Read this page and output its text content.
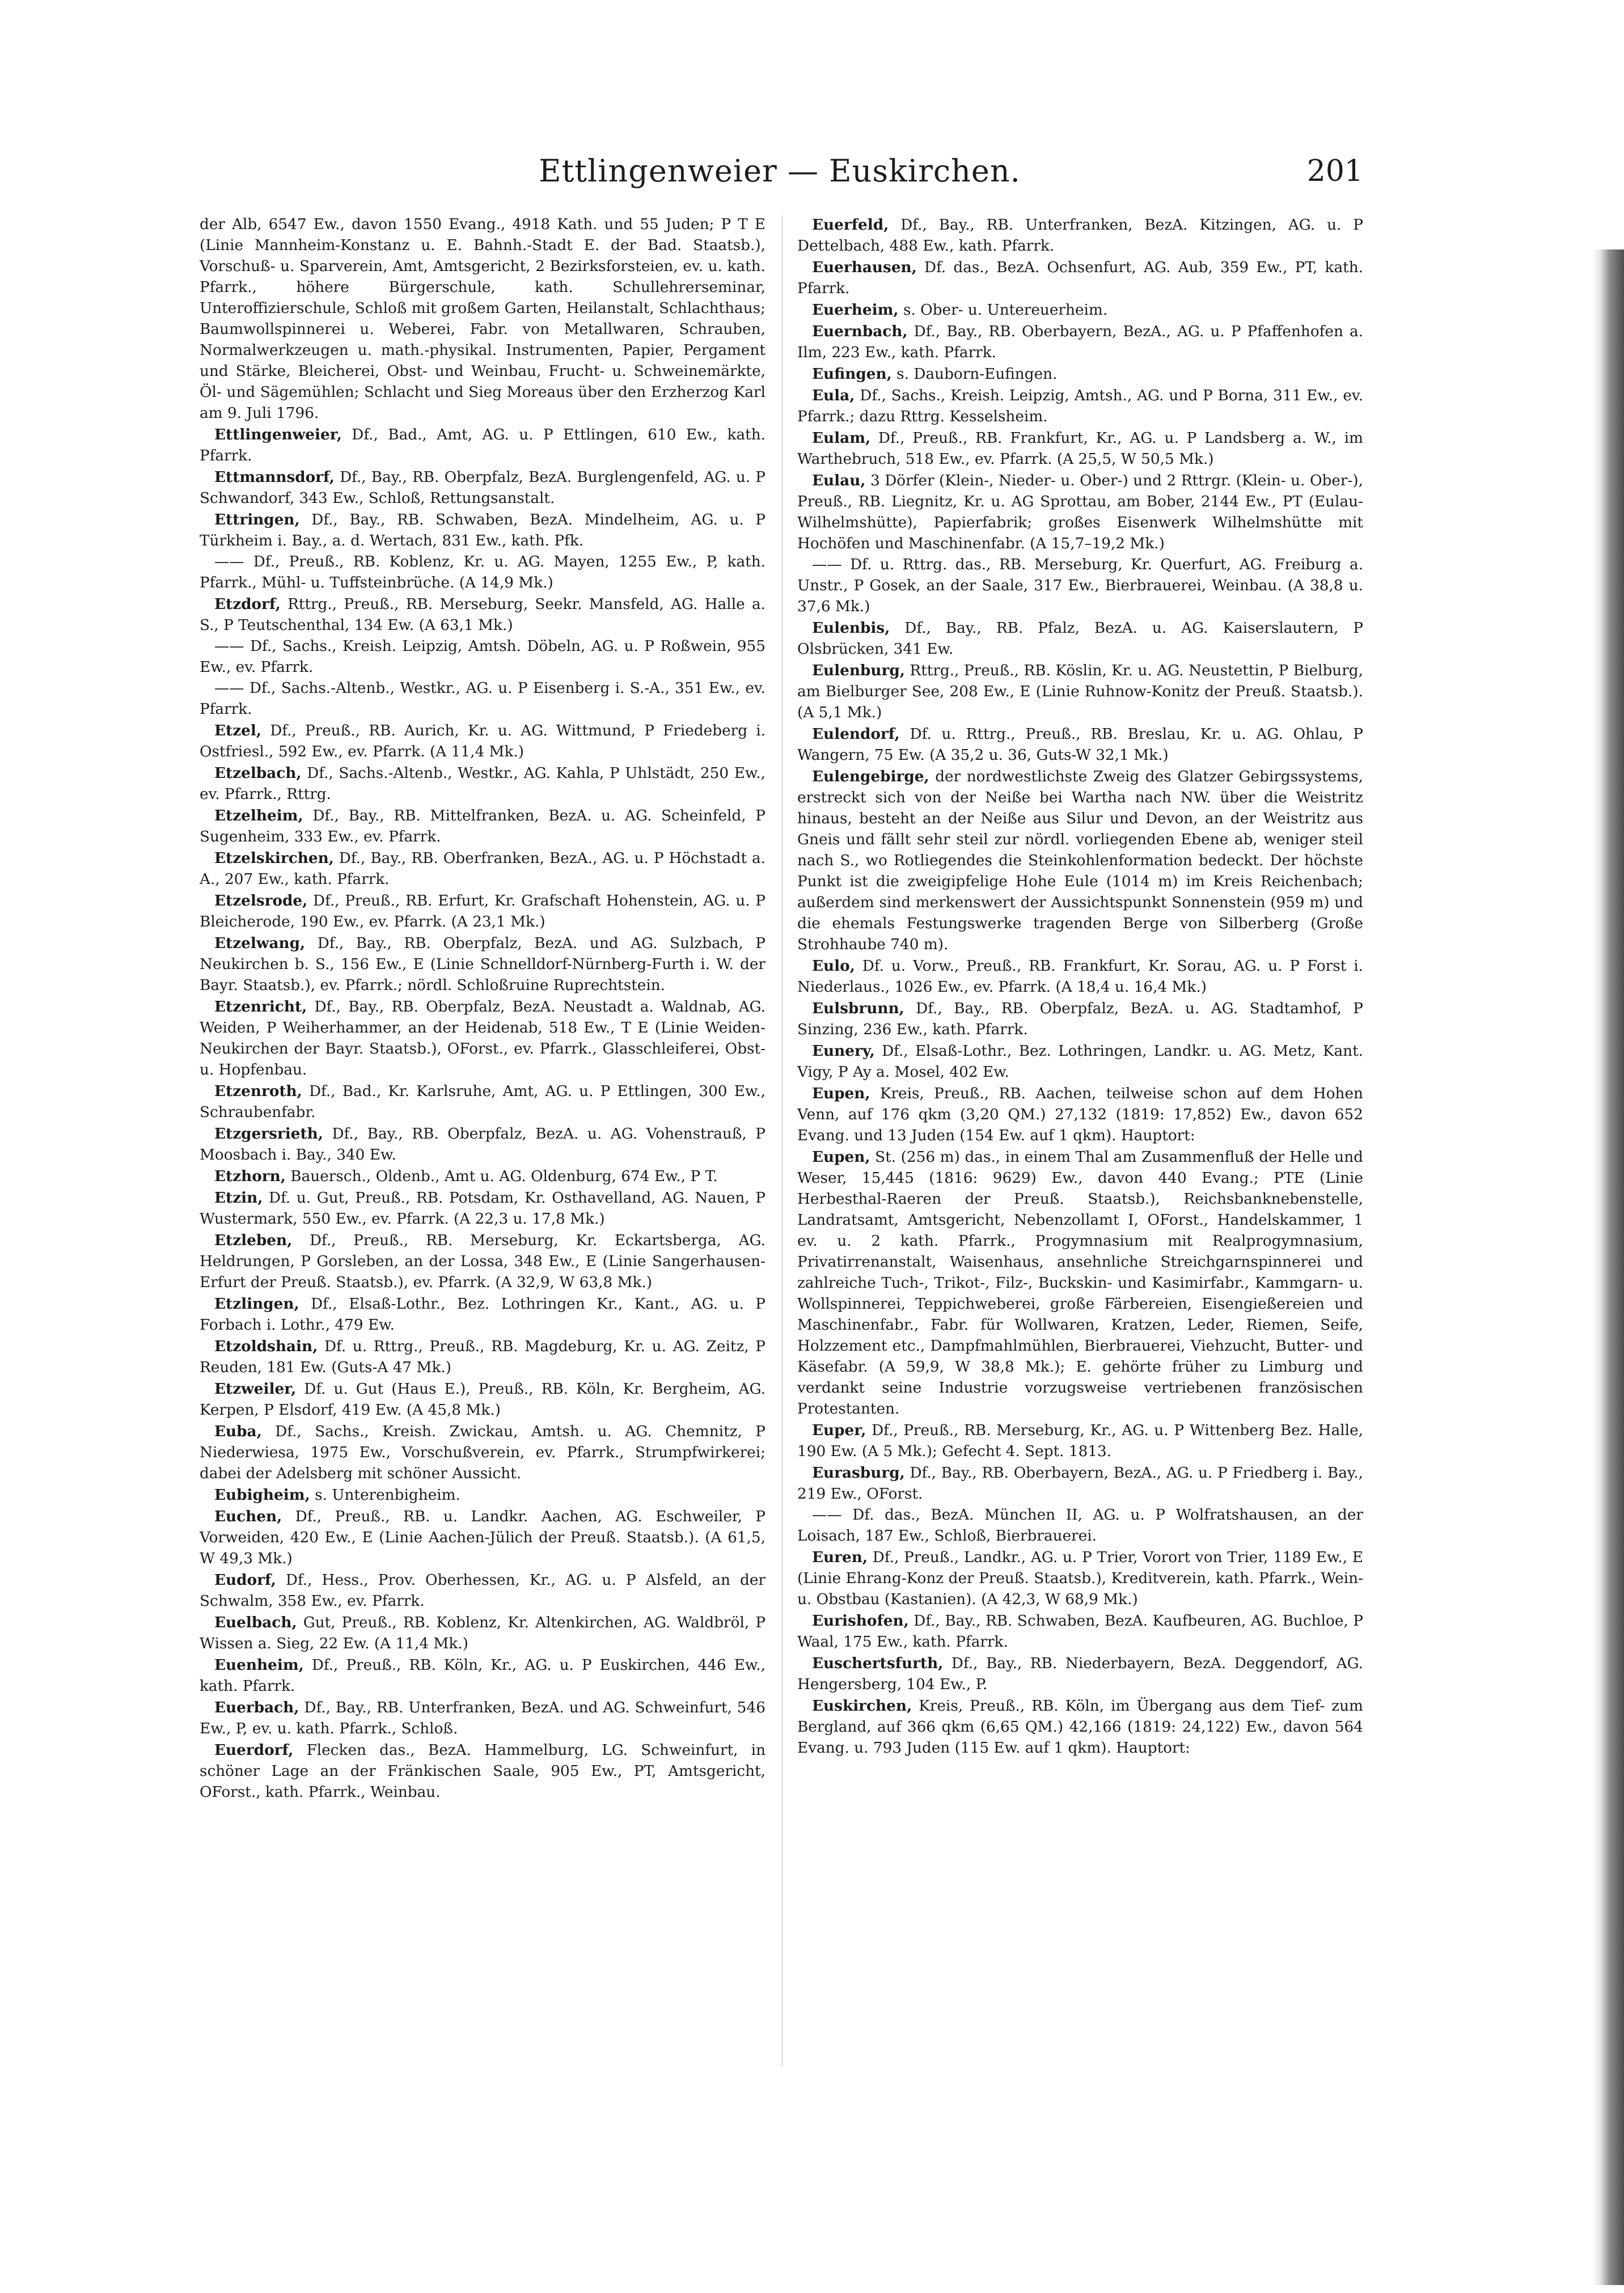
Ettlingenweier — Euskirchen.	201

der Alb, 6547 Ew., davon 1550 Evang., 4918 Kath. und 55 Juden; P T E (Linie Mannheim-Konstanz u. E. Bahnh.-Stadt E. der Bad. Staatsb.), Vorschuß- u. Sparverein, Amt, Amtsgericht, 2 Bezirksforsteien, ev. u. kath. Pfarrk., höhere Bürgerschule, kath. Schullehrerseminar, Unteroffizierschule, Schloß mit großem Garten, Heilanstalt, Schlachthaus; Baumwollspinnerei u. Weberei, Fabr. von Metallwaren, Schrauben, Normalwerkzeugen u. math.-physikal. Instrumenten, Papier, Pergament und Stärke, Bleicherei, Obst- und Weinbau, Frucht- u. Schweinemärkte, Öl- und Sägemühlen; Schlacht und Sieg Moreaus über den Erzherzog Karl am 9. Juli 1796.

Ettlingenweier, Df., Bad., Amt, AG. u. P Ettlingen, 610 Ew., kath. Pfarrk.

Ettmannsdorf, Df., Bay., RB. Oberpfalz, BezA. Burglengenfeld, AG. u. P Schwandorf, 343 Ew., Schloß, Rettungsanstalt.

Ettringen, Df., Bay., RB. Schwaben, BezA. Mindelheim, AG. u. P Türkheim i. Bay., a. d. Wertach, 831 Ew., kath. Pfk.

—— Df., Preuß., RB. Koblenz, Kr. u. AG. Mayen, 1255 Ew., P, kath. Pfarrk., Mühl- u. Tuffsteinbrüche. (A 14,9 Mk.)

Etzdorf, Rttrg., Preuß., RB. Merseburg, Seekr. Mansfeld, AG. Halle a. S., P Teutschenthal, 134 Ew. (A 63,1 Mk.)

—— Df., Sachs., Kreish. Leipzig, Amtsh. Döbeln, AG. u. P Roßwein, 955 Ew., ev. Pfarrk.

—— Df., Sachs.-Altenb., Westkr., AG. u. P Eisenberg i. S.-A., 351 Ew., ev. Pfarrk.

Etzel, Df., Preuß., RB. Aurich, Kr. u. AG. Wittmund, P Friedeberg i. Ostfriesl., 592 Ew., ev. Pfarrk. (A 11,4 Mk.)

Etzelbach, Df., Sachs.-Altenb., Westkr., AG. Kahla, P Uhlstädt, 250 Ew., ev. Pfarrk., Rttrg.

Etzelheim, Df., Bay., RB. Mittelfranken, BezA. u. AG. Scheinfeld, P Sugenheim, 333 Ew., ev. Pfarrk.

Etzelskirchen, Df., Bay., RB. Oberfranken, BezA., AG. u. P Höchstadt a. A., 207 Ew., kath. Pfarrk.

Etzelsrode, Df., Preuß., RB. Erfurt, Kr. Grafschaft Hohenstein, AG. u. P Bleicherode, 190 Ew., ev. Pfarrk. (A 23,1 Mk.)

Etzelwang, Df., Bay., RB. Oberpfalz, BezA. und AG. Sulzbach, P Neukirchen b. S., 156 Ew., E (Linie Schnelldorf-Nürnberg-Furth i. W. der Bayr. Staatsb.), ev. Pfarrk.; nördl. Schloßruine Ruprechtstein.

Etzenricht, Df., Bay., RB. Oberpfalz, BezA. Neustadt a. Waldnab, AG. Weiden, P Weiherhammer, an der Heidenab, 518 Ew., T E (Linie Weiden-Neukirchen der Bayr. Staatsb.), OForst., ev. Pfarrk., Glasschleiferei, Obst- u. Hopfenbau.

Etzenroth, Df., Bad., Kr. Karlsruhe, Amt, AG. u. P Ettlingen, 300 Ew., Schraubenfabr.

Etzgersrieth, Df., Bay., RB. Oberpfalz, BezA. u. AG. Vohenstrauß, P Moosbach i. Bay., 340 Ew.

Etzhorn, Bauersch., Oldenb., Amt u. AG. Oldenburg, 674 Ew., P T.

Etzin, Df. u. Gut, Preuß., RB. Potsdam, Kr. Osthavelland, AG. Nauen, P Wustermark, 550 Ew., ev. Pfarrk. (A 22,3 u. 17,8 Mk.)

Etzleben, Df., Preuß., RB. Merseburg, Kr. Eckartsberga, AG. Heldrungen, P Gorsleben, an der Lossa, 348 Ew., E (Linie Sangerhausen-Erfurt der Preuß. Staatsb.), ev. Pfarrk. (A 32,9, W 63,8 Mk.)

Etzlingen, Df., Elsaß-Lothr., Bez. Lothringen Kr., Kant., AG. u. P Forbach i. Lothr., 479 Ew.

Etzoldshain, Df. u. Rttrg., Preuß., RB. Magdeburg, Kr. u. AG. Zeitz, P Reuden, 181 Ew. (Guts-A 47 Mk.)

Etzweiler, Df. u. Gut (Haus E.), Preuß., RB. Köln, Kr. Bergheim, AG. Kerpen, P Elsdorf, 419 Ew. (A 45,8 Mk.)

Euba, Df., Sachs., Kreish. Zwickau, Amtsh. u. AG. Chemnitz, P Niederwiesa, 1975 Ew., Vorschußverein, ev. Pfarrk., Strumpfwirkerei; dabei der Adelsberg mit schöner Aussicht.

Eubigheim, s. Unterenbigheim.

Euchen, Df., Preuß., RB. u. Landkr. Aachen, AG. Eschweiler, P Vorweiden, 420 Ew., E (Linie Aachen-Jülich der Preuß. Staatsb.). (A 61,5, W 49,3 Mk.)

Eudorf, Df., Hess., Prov. Oberhessen, Kr., AG. u. P Alsfeld, an der Schwalm, 358 Ew., ev. Pfarrk.

Euelbach, Gut, Preuß., RB. Koblenz, Kr. Altenkirchen, AG. Waldbröl, P Wissen a. Sieg, 22 Ew. (A 11,4 Mk.)

Euenheim, Df., Preuß., RB. Köln, Kr., AG. u. P Euskirchen, 446 Ew., kath. Pfarrk.

Euerbach, Df., Bay., RB. Unterfranken, BezA. und AG. Schweinfurt, 546 Ew., P, ev. u. kath. Pfarrk., Schloß.

Euerdorf, Flecken das., BezA. Hammelburg, LG. Schweinfurt, in schöner Lage an der Fränkischen Saale, 905 Ew., PT, Amtsgericht, OForst., kath. Pfarrk., Weinbau.

Euerfeld, Df., Bay., RB. Unterfranken, BezA. Kitzingen, AG. u. P Dettelbach, 488 Ew., kath. Pfarrk.

Euerhausen, Df. das., BezA. Ochsenfurt, AG. Aub, 359 Ew., PT, kath. Pfarrk.

Euerheim, s. Ober- u. Untereuerheim.

Euernbach, Df., Bay., RB. Oberbayern, BezA., AG. u. P Pfaffenhofen a. Ilm, 223 Ew., kath. Pfarrk.

Eufingen, s. Dauborn-Eufingen.

Eula, Df., Sachs., Kreish. Leipzig, Amtsh., AG. und P Borna, 311 Ew., ev. Pfarrk.; dazu Rttrg. Kesselsheim.

Eulam, Df., Preuß., RB. Frankfurt, Kr., AG. u. P Landsberg a. W., im Warthebruch, 518 Ew., ev. Pfarrk. (A 25,5, W 50,5 Mk.)

Eulau, 3 Dörfer (Klein-, Nieder- u. Ober-) und 2 Rttrgr. (Klein- u. Ober-), Preuß., RB. Liegnitz, Kr. u. AG Sprottau, am Bober, 2144 Ew., PT (Eulau-Wilhelmshütte), Papierfabrik; großes Eisenwerk Wilhelmshütte mit Hochöfen und Maschinenfabr. (A 15,7–19,2 Mk.)

—— Df. u. Rttrg. das., RB. Merseburg, Kr. Querfurt, AG. Freiburg a. Unstr., P Gosek, an der Saale, 317 Ew., Bierbrauerei, Weinbau. (A 38,8 u. 37,6 Mk.)

Eulenbis, Df., Bay., RB. Pfalz, BezA. u. AG. Kaiserslautern, P Olsbrücken, 341 Ew.

Eulenburg, Rttrg., Preuß., RB. Köslin, Kr. u. AG. Neustettin, P Bielburg, am Bielburger See, 208 Ew., E (Linie Ruhnow-Konitz der Preuß. Staatsb.). (A 5,1 Mk.)

Eulendorf, Df. u. Rttrg., Preuß., RB. Breslau, Kr. u. AG. Ohlau, P Wangern, 75 Ew. (A 35,2 u. 36, Guts-W 32,1 Mk.)

Eulengebirge, der nordwestlichste Zweig des Glatzer Gebirgssystems, erstreckt sich von der Neiße bei Wartha nach NW. über die Weistritz hinaus, besteht an der Neiße aus Silur und Devon, an der Weistritz aus Gneis und fällt sehr steil zur nördl. vorliegenden Ebene ab, weniger steil nach S., wo Rotliegendes die Steinkohlenformation bedeckt. Der höchste Punkt ist die zweigipfelige Hohe Eule (1014 m) im Kreis Reichenbach; außerdem sind merkenswert der Aussichtspunkt Sonnenstein (959 m) und die ehemals Festungswerke tragenden Berge von Silberberg (Große Strohhaube 740 m).

Eulo, Df. u. Vorw., Preuß., RB. Frankfurt, Kr. Sorau, AG. u. P Forst i. Niederlaus., 1026 Ew., ev. Pfarrk. (A 18,4 u. 16,4 Mk.)

Eulsbrunn, Df., Bay., RB. Oberpfalz, BezA. u. AG. Stadtamhof, P Sinzing, 236 Ew., kath. Pfarrk.

Eunery, Df., Elsaß-Lothr., Bez. Lothringen, Landkr. u. AG. Metz, Kant. Vigy, P Ay a. Mosel, 402 Ew.

Eupen, Kreis, Preuß., RB. Aachen, teilweise schon auf dem Hohen Venn, auf 176 qkm (3,20 QM.) 27,132 (1819: 17,852) Ew., davon 652 Evang. und 13 Juden (154 Ew. auf 1 qkm). Hauptort:

Eupen, St. (256 m) das., in einem Thal am Zusammenfluß der Helle und Weser, 15,445 (1816: 9629) Ew., davon 440 Evang.; PTE (Linie Herbesthal-Raeren der Preuß. Staatsb.), Reichsbanknebenstelle, Landratsamt, Amtsgericht, Nebenzollamt I, OForst., Handelskammer, 1 ev. u. 2 kath. Pfarrk., Progymnasium mit Realprogymnasium, Privatirrenanstalt, Waisenhaus, ansehnliche Streichgarnspinnerei und zahlreiche Tuch-, Trikot-, Filz-, Buckskin- und Kasimirfabr., Kammgarn- u. Wollspinnerei, Teppichweberei, große Färbereien, Eisengießereien und Maschinenfabr., Fabr. für Wollwaren, Kratzen, Leder, Riemen, Seife, Holzzement etc., Dampfmahlmühlen, Bierbrauerei, Viehzucht, Butter- und Käsefabr. (A 59,9, W 38,8 Mk.); E. gehörte früher zu Limburg und verdankt seine Industrie vorzugsweise vertriebenen französischen Protestanten.

Euper, Df., Preuß., RB. Merseburg, Kr., AG. u. P Wittenberg Bez. Halle, 190 Ew. (A 5 Mk.); Gefecht 4. Sept. 1813.

Eurasburg, Df., Bay., RB. Oberbayern, BezA., AG. u. P Friedberg i. Bay., 219 Ew., OForst.

—— Df. das., BezA. München II, AG. u. P Wolfratshausen, an der Loisach, 187 Ew., Schloß, Bierbrauerei.

Euren, Df., Preuß., Landkr., AG. u. P Trier, Vorort von Trier, 1189 Ew., E (Linie Ehrang-Konz der Preuß. Staatsb.), Kreditverein, kath. Pfarrk., Wein- u. Obstbau (Kastanien). (A 42,3, W 68,9 Mk.)

Eurishofen, Df., Bay., RB. Schwaben, BezA. Kaufbeuren, AG. Buchloe, P Waal, 175 Ew., kath. Pfarrk.

Euschertsfurth, Df., Bay., RB. Niederbayern, BezA. Deggendorf, AG. Hengersberg, 104 Ew., P.

Euskirchen, Kreis, Preuß., RB. Köln, im Übergang aus dem Tief- zum Bergland, auf 366 qkm (6,65 QM.) 42,166 (1819: 24,122) Ew., davon 564 Evang. u. 793 Juden (115 Ew. auf 1 qkm). Hauptort:
